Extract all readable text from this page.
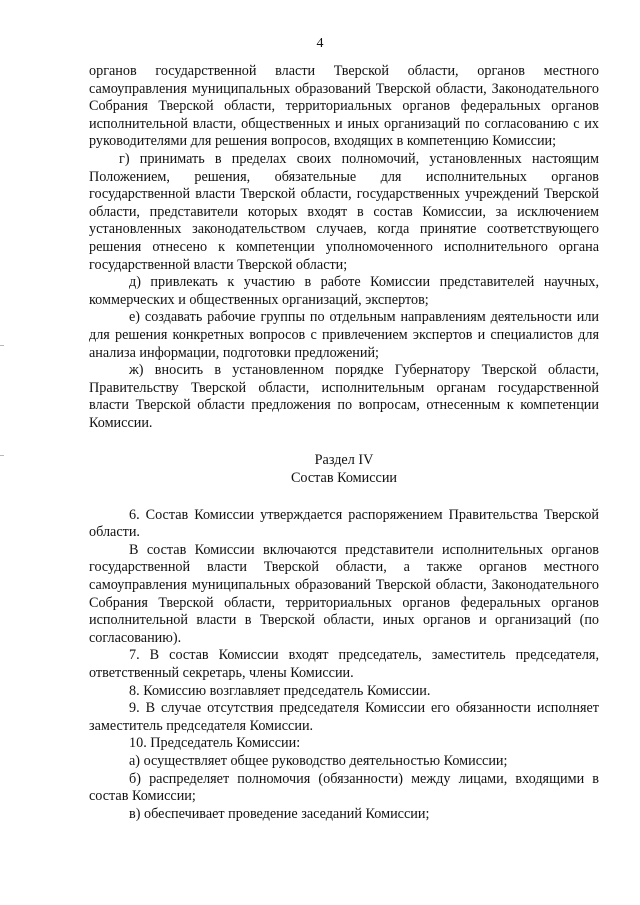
4

органов государственной власти Тверской области, органов местного самоуправления муниципальных образований Тверской области, Законодательного Собрания Тверской области, территориальных органов федеральных органов исполнительной власти, общественных и иных организаций по согласованию с их руководителями для решения вопросов, входящих в компетенцию Комиссии;

г) принимать в пределах своих полномочий, установленных настоящим Положением, решения, обязательные для исполнительных органов государственной власти Тверской области, государственных учреждений Тверской области, представители которых входят в состав Комиссии, за исключением установленных законодательством случаев, когда принятие соответствующего решения отнесено к компетенции уполномоченного исполнительного органа государственной власти Тверской области;

д) привлекать к участию в работе Комиссии представителей научных, коммерческих и общественных организаций, экспертов;

е) создавать рабочие группы по отдельным направлениям деятельности или для решения конкретных вопросов с привлечением экспертов и специалистов для анализа информации, подготовки предложений;

ж) вносить в установленном порядке Губернатору Тверской области, Правительству Тверской области, исполнительным органам государственной власти Тверской области предложения по вопросам, отнесенным к компетенции Комиссии.

Раздел IV

Состав Комиссии

6. Состав Комиссии утверждается распоряжением Правительства Тверской области.

В состав Комиссии включаются представители исполнительных органов государственной власти Тверской области, а также органов местного самоуправления муниципальных образований Тверской области, Законодательного Собрания Тверской области, территориальных органов федеральных органов исполнительной власти в Тверской области, иных органов и организаций (по согласованию).

7. В состав Комиссии входят председатель, заместитель председателя, ответственный секретарь, члены Комиссии.

8. Комиссию возглавляет председатель Комиссии.

9. В случае отсутствия председателя Комиссии его обязанности исполняет заместитель председателя Комиссии.

10. Председатель Комиссии:

а) осуществляет общее руководство деятельностью Комиссии;

б) распределяет полномочия (обязанности) между лицами, входящими в состав Комиссии;

в) обеспечивает проведение заседаний Комиссии;
